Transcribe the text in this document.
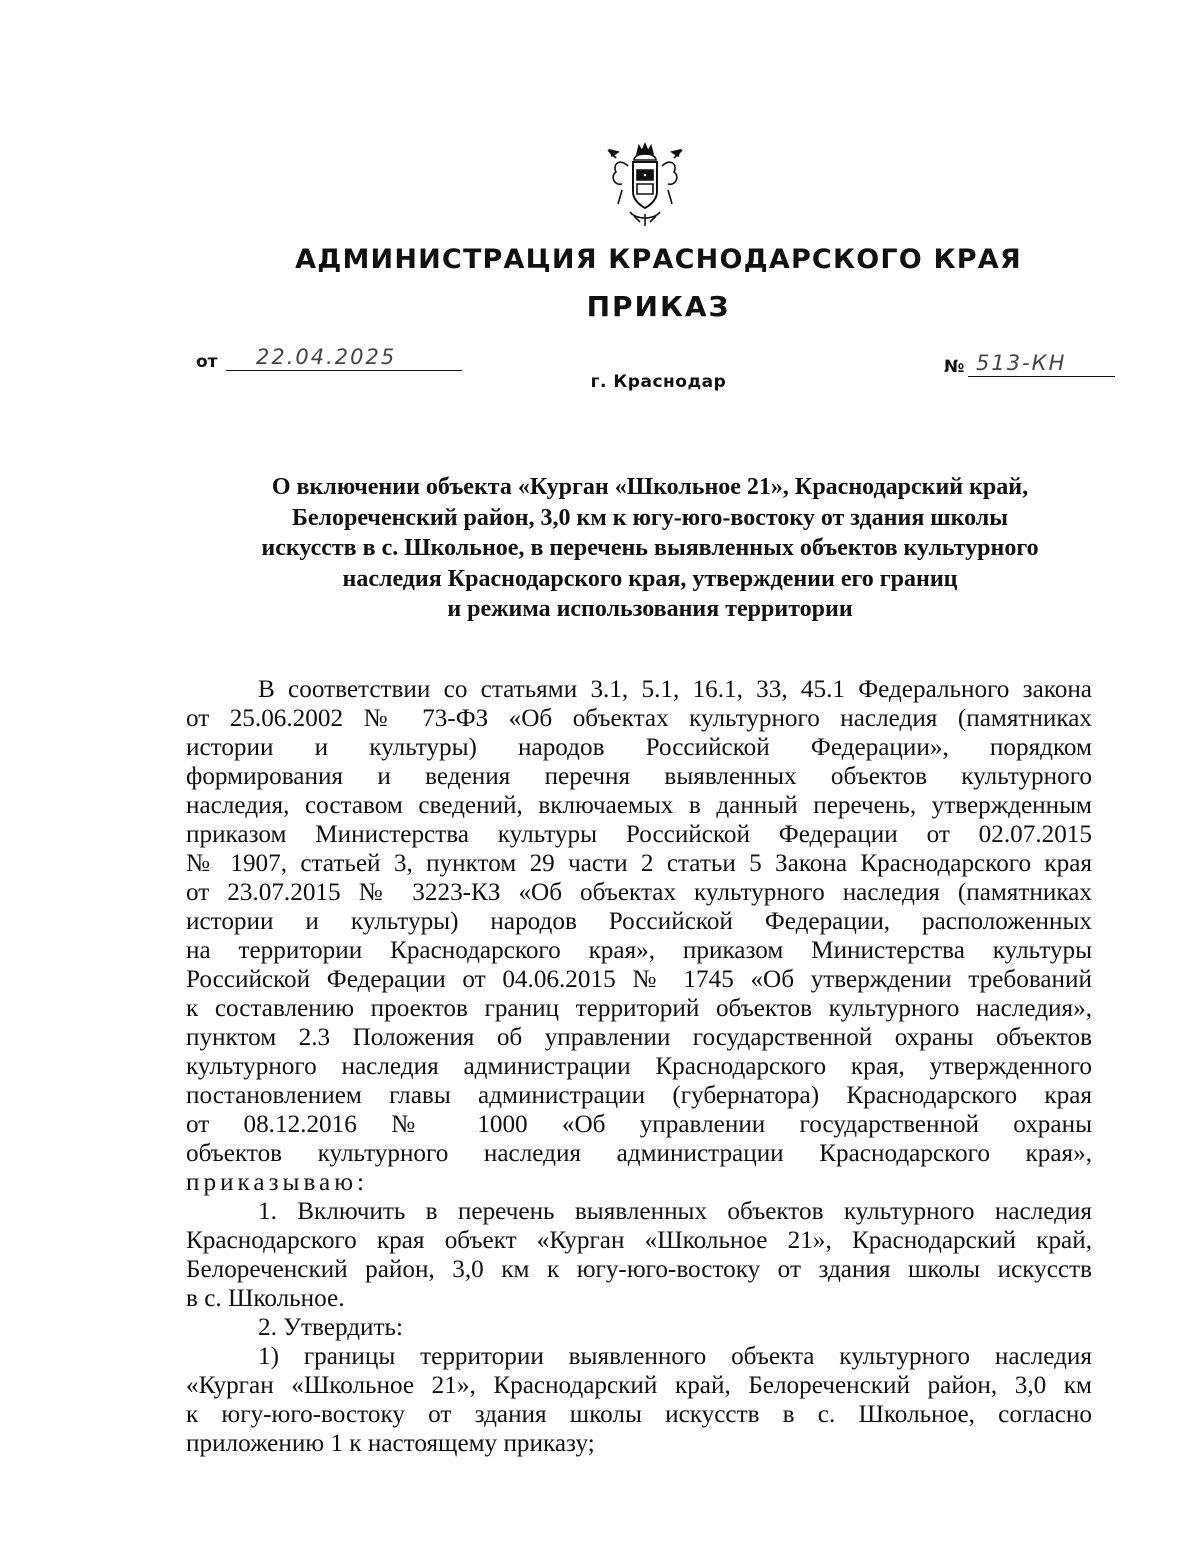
АДМИНИСТРАЦИЯ КРАСНОДАРСКОГО КРАЯ
ПРИКАЗ
от 22.04.2025	№ 513-КН
г. Краснодар
О включении объекта «Курган «Школьное 21», Краснодарский край,
Белореченский район, 3,0 км к югу-юго-востоку от здания школы
искусств в с. Школьное, в перечень выявленных объектов культурного
наследия Краснодарского края, утверждении его границ
и режима использования территории
В соответствии со статьями 3.1, 5.1, 16.1, 33, 45.1 Федерального закона
от 25.06.2002 № 73-ФЗ «Об объектах культурного наследия (памятниках
истории и культуры) народов Российской Федерации», порядком
формирования и ведения перечня выявленных объектов культурного
наследия, составом сведений, включаемых в данный перечень, утвержденным
приказом Министерства культуры Российской Федерации от 02.07.2015
№ 1907, статьей 3, пунктом 29 части 2 статьи 5 Закона Краснодарского края
от 23.07.2015 № 3223-КЗ «Об объектах культурного наследия (памятниках
истории и культуры) народов Российской Федерации, расположенных
на территории Краснодарского края», приказом Министерства культуры
Российской Федерации от 04.06.2015 № 1745 «Об утверждении требований
к составлению проектов границ территорий объектов культурного наследия»,
пунктом 2.3 Положения об управлении государственной охраны объектов
культурного наследия администрации Краснодарского края, утвержденного
постановлением главы администрации (губернатора) Краснодарского края
от 08.12.2016 № 1000 «Об управлении государственной охраны
объектов культурного наследия администрации Краснодарского края»,
приказываю:
1. Включить в перечень выявленных объектов культурного наследия
Краснодарского края объект «Курган «Школьное 21», Краснодарский край,
Белореченский район, 3,0 км к югу-юго-востоку от здания школы искусств
в с. Школьное.
2. Утвердить:
1) границы территории выявленного объекта культурного наследия
«Курган «Школьное 21», Краснодарский край, Белореченский район, 3,0 км
к югу-юго-востоку от здания школы искусств в с. Школьное, согласно
приложению 1 к настоящему приказу;
